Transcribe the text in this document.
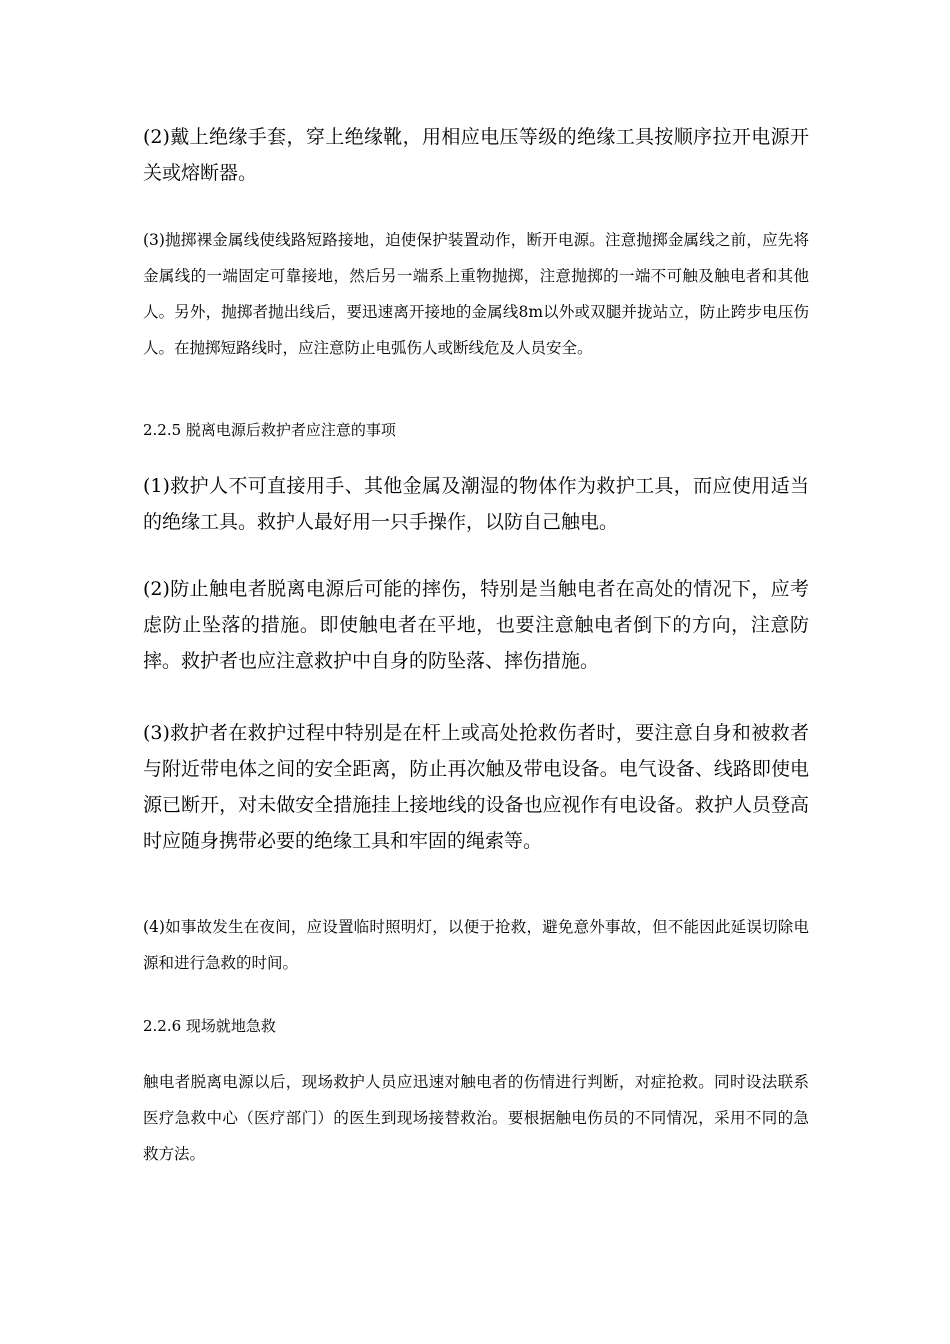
(2)戴上绝缘手套，穿上绝缘靴，用相应电压等级的绝缘工具按顺序拉开电源开关或熔断器。

(3)抛掷裸金属线使线路短路接地，迫使保护装置动作，断开电源。注意抛掷金属线之前，应先将金属线的一端固定可靠接地，然后另一端系上重物抛掷，注意抛掷的一端不可触及触电者和其他人。另外，抛掷者抛出线后，要迅速离开接地的金属线8m以外或双腿并拢站立，防止跨步电压伤人。在抛掷短路线时，应注意防止电弧伤人或断线危及人员安全。

2.2.5 脱离电源后救护者应注意的事项

(1)救护人不可直接用手、其他金属及潮湿的物体作为救护工具，而应使用适当的绝缘工具。救护人最好用一只手操作，以防自己触电。

(2)防止触电者脱离电源后可能的摔伤，特别是当触电者在高处的情况下，应考虑防止坠落的措施。即使触电者在平地，也要注意触电者倒下的方向，注意防摔。救护者也应注意救护中自身的防坠落、摔伤措施。

(3)救护者在救护过程中特别是在杆上或高处抢救伤者时，要注意自身和被救者与附近带电体之间的安全距离，防止再次触及带电设备。电气设备、线路即使电源已断开，对未做安全措施挂上接地线的设备也应视作有电设备。救护人员登高时应随身携带必要的绝缘工具和牢固的绳索等。

(4)如事故发生在夜间，应设置临时照明灯，以便于抢救，避免意外事故，但不能因此延误切除电源和进行急救的时间。

2.2.6 现场就地急救

触电者脱离电源以后，现场救护人员应迅速对触电者的伤情进行判断，对症抢救。同时设法联系医疗急救中心（医疗部门）的医生到现场接替救治。要根据触电伤员的不同情况，采用不同的急救方法。
